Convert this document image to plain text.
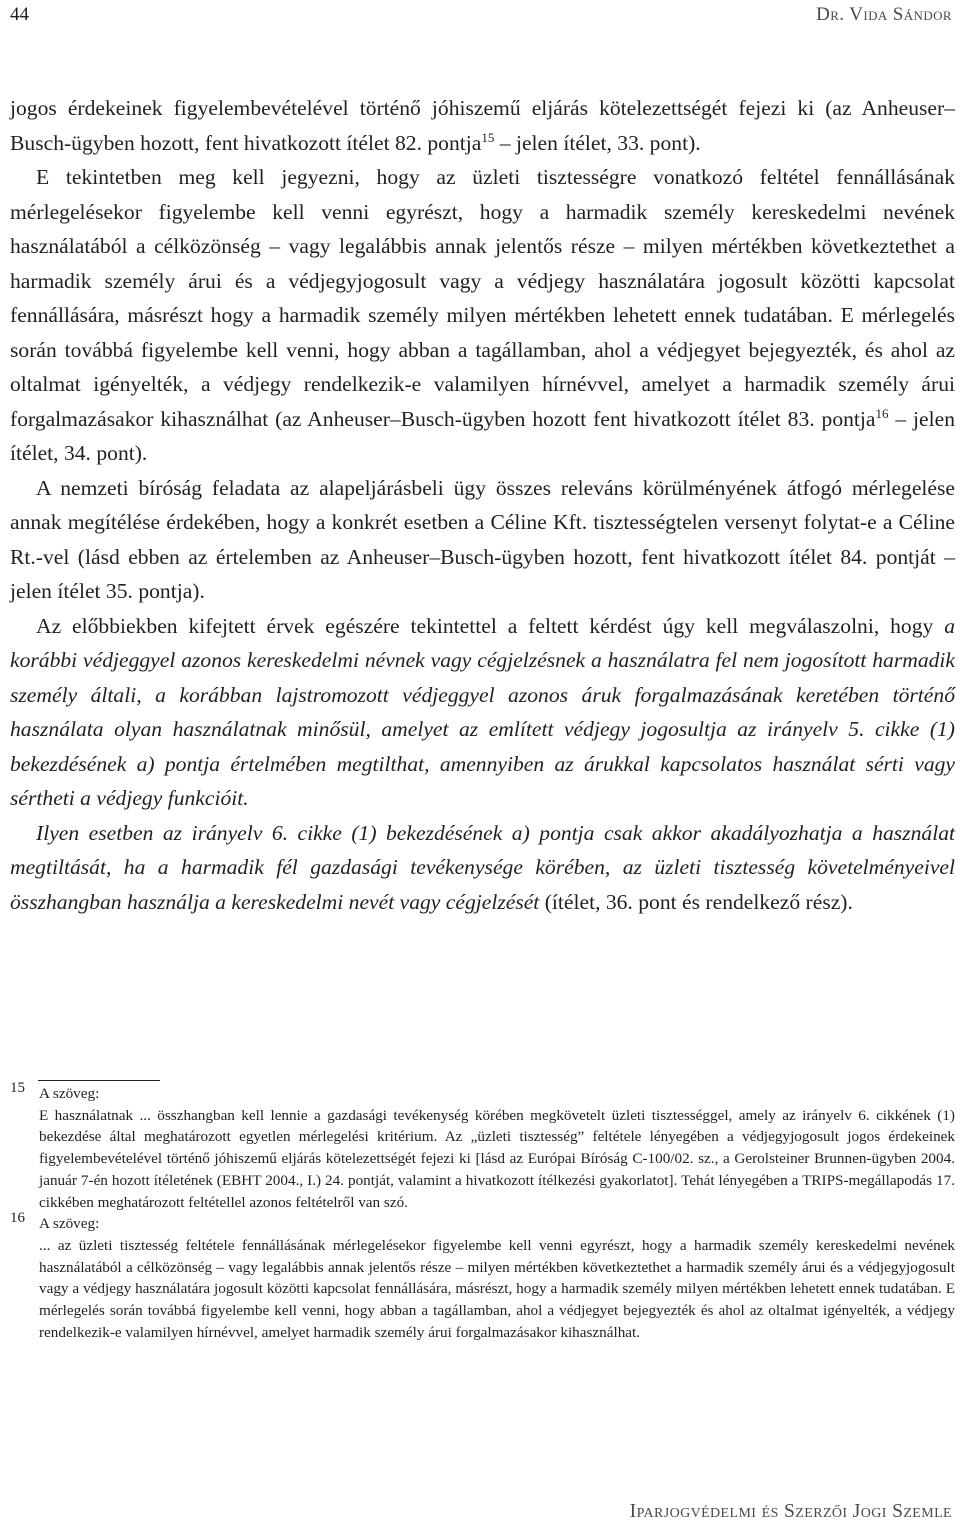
44	Dr. Vida Sándor

jogos érdekeinek figyelembevételével történő jóhiszemű eljárás kötelezettségét fejezi ki (az Anheuser–Busch-ügyben hozott, fent hivatkozott ítélet 82. pontja$^{15}$ – jelen ítélet, 33. pont).

E tekintetben meg kell jegyezni, hogy az üzleti tisztességre vonatkozó feltétel fennállásának mérlegelésekor figyelembe kell venni egyrészt, hogy a harmadik személy kereskedelmi nevének használatából a célközönség – vagy legalábbis annak jelentős része – milyen mértékben következtethet a harmadik személy árui és a védjegyjogosult vagy a védjegy használatára jogosult közötti kapcsolat fennállására, másrészt hogy a harmadik személy milyen mértékben lehetett ennek tudatában. E mérlegelés során továbbá figyelembe kell venni, hogy abban a tagállamban, ahol a védjegyet bejegyezték, és ahol az oltalmat igényelték, a védjegy rendelkezik-e valamilyen hírnévvel, amelyet a harmadik személy árui forgalmazásakor kihasználhat (az Anheuser–Busch-ügyben hozott fent hivatkozott ítélet 83. pontja$^{16}$ – jelen ítélet, 34. pont).

A nemzeti bíróság feladata az alapeljárásbeli ügy összes releváns körülményének átfogó mérlegelése annak megítélése érdekében, hogy a konkrét esetben a Céline Kft. tisztességtelen versenyt folytat-e a Céline Rt.-vel (lásd ebben az értelemben az Anheuser–Busch-ügyben hozott, fent hivatkozott ítélet 84. pontját – jelen ítélet 35. pontja).

Az előbbiekben kifejtett érvek egészére tekintettel a feltett kérdést úgy kell megválaszolni, hogy a korábbi védjeggyel azonos kereskedelmi névnek vagy cégjelzésnek a használatra fel nem jogosított harmadik személy általi, a korábban lajstromozott védjeggyel azonos áruk forgalmazásának keretében történő használata olyan használatnak minősül, amelyet az említett védjegy jogosultja az irányelv 5. cikke (1) bekezdésének a) pontja értelmében megtilthat, amennyiben az árukkal kapcsolatos használat sérti vagy sértheti a védjegy funkcióit.

Ilyen esetben az irányelv 6. cikke (1) bekezdésének a) pontja csak akkor akadályozhatja a használat megtiltását, ha a harmadik fél gazdasági tevékenysége körében, az üzleti tisztesség követelményeivel összhangban használja a kereskedelmi nevét vagy cégjelzését (ítélet, 36. pont és rendelkező rész).

15 A szöveg:

E használatnak ... összhangban kell lennie a gazdasági tevékenység körében megkövetelt üzleti tisztességgel, amely az irányelv 6. cikkének (1) bekezdése által meghatározott egyetlen mérlegelési kritérium. Az „üzleti tisztesség” feltétele lényegében a védjegyjogosult jogos érdekeinek figyelembevételével történő jóhiszemű eljárás kötelezettségét fejezi ki [lásd az Európai Bíróság C-100/02. sz., a Gerolsteiner Brunnen-ügyben 2004. január 7-én hozott ítéletének (EBHT 2004., I.) 24. pontját, valamint a hivatkozott ítélkezési gyakorlatot]. Tehát lényegében a TRIPS-megállapodás 17. cikkében meghatározott feltétellel azonos feltételről van szó.

16 A szöveg:

... az üzleti tisztesség feltétele fennállásának mérlegelésekor figyelembe kell venni egyrészt, hogy a harmadik személy kereskedelmi nevének használatából a célközönség – vagy legalábbis annak jelentős része – milyen mértékben következtethet a harmadik személy árui és a védjegyjogosult vagy a védjegy használatára jogosult közötti kapcsolat fennállására, másrészt, hogy a harmadik személy milyen mértékben lehetett ennek tudatában. E mérlegelés során továbbá figyelembe kell venni, hogy abban a tagállamban, ahol a védjegyet bejegyezték és ahol az oltalmat igényelték, a védjegy rendelkezik-e valamilyen hírnévvel, amelyet harmadik személy árui forgalmazásakor kihasználhat.

Iparjogvédelmi és Szerzői Jogi Szemle
